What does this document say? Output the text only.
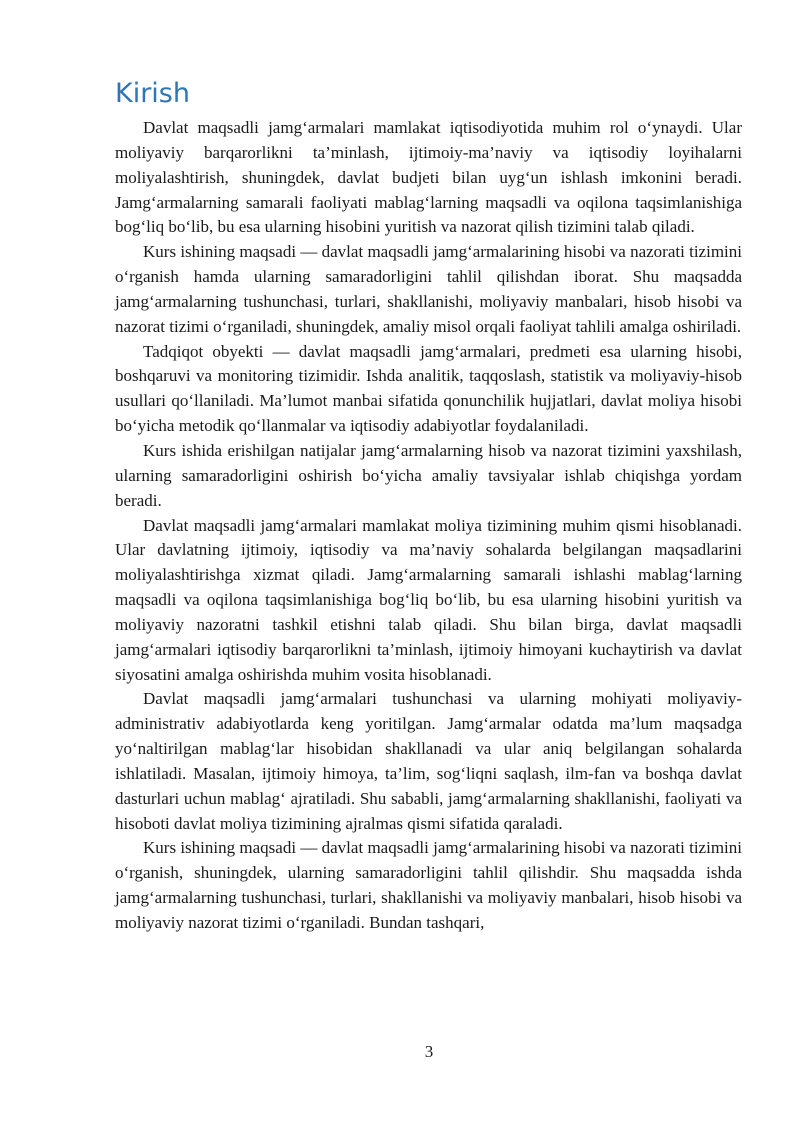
Kirish

Davlat maqsadli jamg‘armalari mamlakat iqtisodiyotida muhim rol o‘ynaydi. Ular moliyaviy barqarorlikni ta’minlash, ijtimoiy-ma’naviy va iqtisodiy loyihalarni moliyalashtirish, shuningdek, davlat budjeti bilan uyg‘un ishlash imkonini beradi. Jamg‘armalarning samarali faoliyati mablag‘larning maqsadli va oqilona taqsimlanishiga bog‘liq bo‘lib, bu esa ularning hisobini yuritish va nazorat qilish tizimini talab qiladi.

Kurs ishining maqsadi — davlat maqsadli jamg‘armalarining hisobi va nazorati tizimini o‘rganish hamda ularning samaradorligini tahlil qilishdan iborat. Shu maqsadda jamg‘armalarning tushunchasi, turlari, shakllanishi, moliyaviy manbalari, hisob hisobi va nazorat tizimi o‘rganiladi, shuningdek, amaliy misol orqali faoliyat tahlili amalga oshiriladi.

Tadqiqot obyekti — davlat maqsadli jamg‘armalari, predmeti esa ularning hisobi, boshqaruvi va monitoring tizimidir. Ishda analitik, taqqoslash, statistik va moliyaviy-hisob usullari qo‘llaniladi. Ma’lumot manbai sifatida qonunchilik hujjatlari, davlat moliya hisobi bo‘yicha metodik qo‘llanmalar va iqtisodiy adabiyotlar foydalaniladi.

Kurs ishida erishilgan natijalar jamg‘armalarning hisob va nazorat tizimini yaxshilash, ularning samaradorligini oshirish bo‘yicha amaliy tavsiyalar ishlab chiqishga yordam beradi.

Davlat maqsadli jamg‘armalari mamlakat moliya tizimining muhim qismi hisoblanadi. Ular davlatning ijtimoiy, iqtisodiy va ma’naviy sohalarda belgilangan maqsadlarini moliyalashtirishga xizmat qiladi. Jamg‘armalarning samarali ishlashi mablag‘larning maqsadli va oqilona taqsimlanishiga bog‘liq bo‘lib, bu esa ularning hisobini yuritish va moliyaviy nazoratni tashkil etishni talab qiladi. Shu bilan birga, davlat maqsadli jamg‘armalari iqtisodiy barqarorlikni ta’minlash, ijtimoiy himoyani kuchaytirish va davlat siyosatini amalga oshirishda muhim vosita hisoblanadi.

Davlat maqsadli jamg‘armalari tushunchasi va ularning mohiyati moliyaviy-administrativ adabiyotlarda keng yoritilgan. Jamg‘armalar odatda ma’lum maqsadga yo‘naltirilgan mablag‘lar hisobidan shakllanadi va ular aniq belgilangan sohalarda ishlatiladi. Masalan, ijtimoiy himoya, ta’lim, sog‘liqni saqlash, ilm-fan va boshqa davlat dasturlari uchun mablag‘ ajratiladi. Shu sababli, jamg‘armalarning shakllanishi, faoliyati va hisoboti davlat moliya tizimining ajralmas qismi sifatida qaraladi.

Kurs ishining maqsadi — davlat maqsadli jamg‘armalarining hisobi va nazorati tizimini o‘rganish, shuningdek, ularning samaradorligini tahlil qilishdir. Shu maqsadda ishda jamg‘armalarning tushunchasi, turlari, shakllanishi va moliyaviy manbalari, hisob hisobi va moliyaviy nazorat tizimi o‘rganiladi. Bundan tashqari,

3
